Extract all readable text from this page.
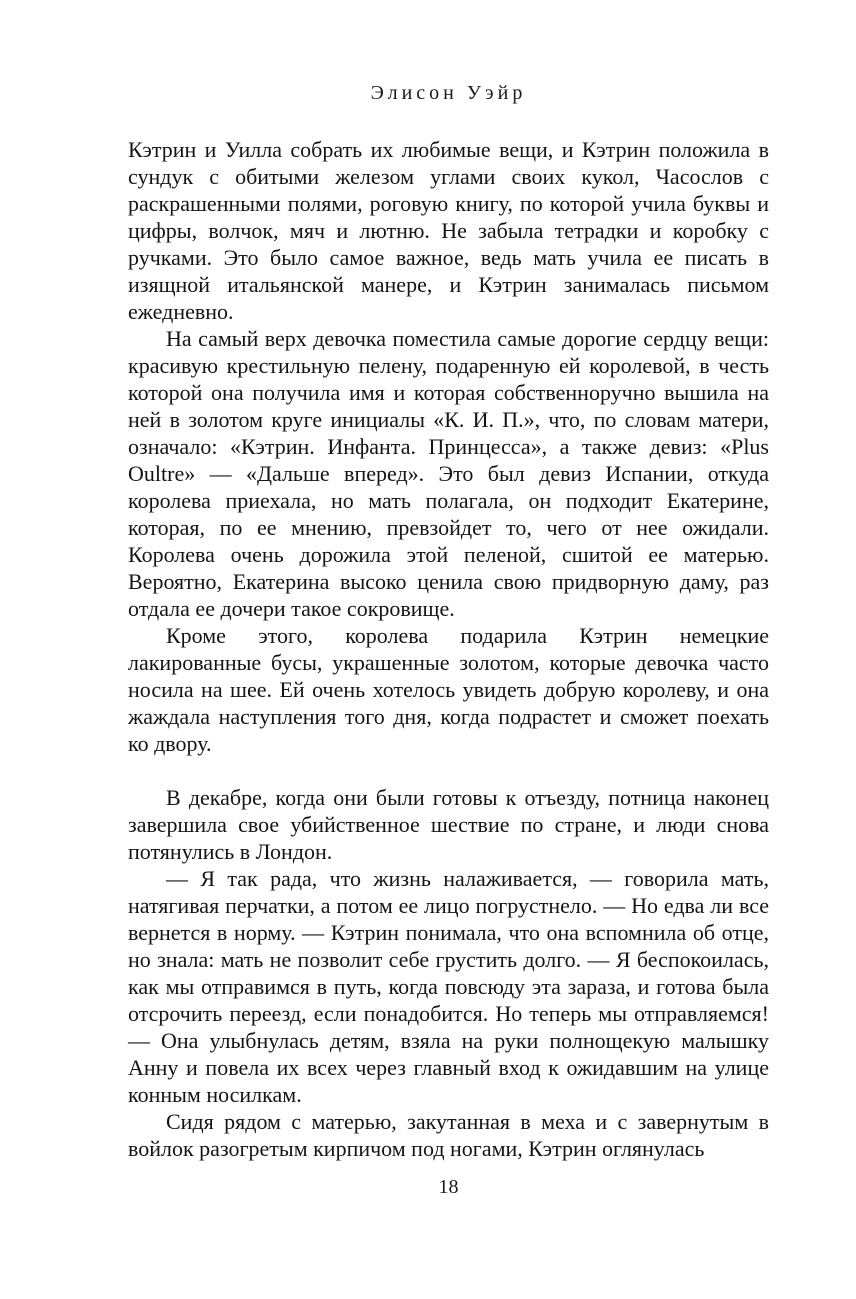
Элисон Уэйр

Кэтрин и Уилла собрать их любимые вещи, и Кэтрин положила в сундук с обитыми железом углами своих кукол, Часослов с раскрашенными полями, роговую книгу, по которой учила буквы и цифры, волчок, мяч и лютню. Не забыла тетрадки и коробку с ручками. Это было самое важное, ведь мать учила ее писать в изящной итальянской манере, и Кэтрин занималась письмом ежедневно.

На самый верх девочка поместила самые дорогие сердцу вещи: красивую крестильную пелену, подаренную ей королевой, в честь которой она получила имя и которая собственноручно вышила на ней в золотом круге инициалы «К. И. П.», что, по словам матери, означало: «Кэтрин. Инфанта. Принцесса», а также девиз: «Plus Oultre» — «Дальше вперед». Это был девиз Испании, откуда королева приехала, но мать полагала, он подходит Екатерине, которая, по ее мнению, превзойдет то, чего от нее ожидали. Королева очень дорожила этой пеленой, сшитой ее матерью. Вероятно, Екатерина высоко ценила свою придворную даму, раз отдала ее дочери такое сокровище.

Кроме этого, королева подарила Кэтрин немецкие лакированные бусы, украшенные золотом, которые девочка часто носила на шее. Ей очень хотелось увидеть добрую королеву, и она жаждала наступления того дня, когда подрастет и сможет поехать ко двору.

В декабре, когда они были готовы к отъезду, потница наконец завершила свое убийственное шествие по стране, и люди снова потянулись в Лондон.

— Я так рада, что жизнь налаживается, — говорила мать, натягивая перчатки, а потом ее лицо погрустнело. — Но едва ли все вернется в норму. — Кэтрин понимала, что она вспомнила об отце, но знала: мать не позволит себе грустить долго. — Я беспокоилась, как мы отправимся в путь, когда повсюду эта зараза, и готова была отсрочить переезд, если понадобится. Но теперь мы отправляемся! — Она улыбнулась детям, взяла на руки полнощекую малышку Анну и повела их всех через главный вход к ожидавшим на улице конным носилкам.

Сидя рядом с матерью, закутанная в меха и с завернутым в войлок разогретым кирпичом под ногами, Кэтрин оглянулась

18
